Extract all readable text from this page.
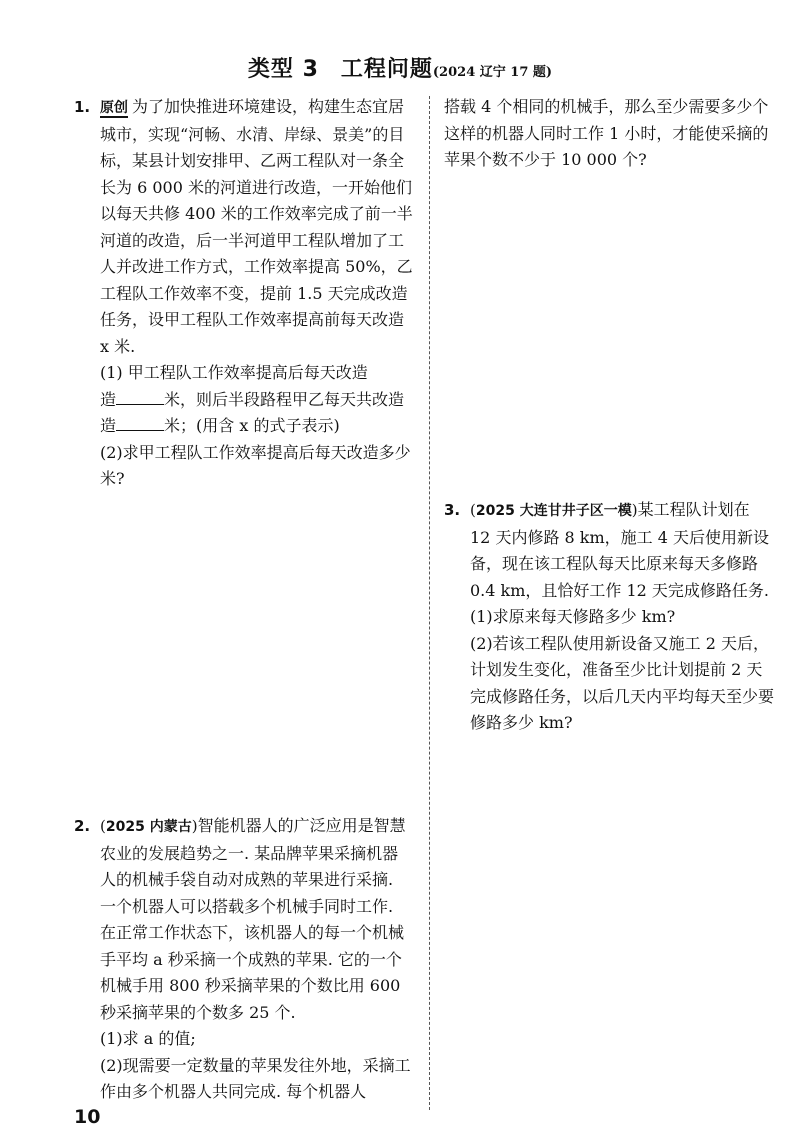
类型 3 工程问题(2024 辽宁 17 题)
1. 原创 为了加快推进环境建设，构建生态宜居城市，实现“河畅、水清、岸绿、景美”的目标，某县计划安排甲、乙两工程队对一条全长为 6 000 米的河道进行改造，一开始他们以每天共修 400 米的工作效率完成了前一半河道的改造，后一半河道甲工程队增加了工人并改进工作方式，工作效率提高 50%，乙工程队工作效率不变，提前 1.5 天完成改造任务，设甲工程队工作效率提高前每天改造 x 米.
(1) 甲工程队工作效率提高后每天改造
造	米，则后半段路程甲乙每天共改造
造	米；(用含 x 的式子表示)
(2)求甲工程队工作效率提高后每天改造多少米?
2. (2025 内蒙古)智能机器人的广泛应用是智慧农业的发展趋势之一. 某品牌苹果采摘机器人的机械手袋自动对成熟的苹果进行采摘. 一个机器人可以搭载多个机械手同时工作. 在正常工作状态下，该机器人的每一个机械手平均 a 秒采摘一个成熟的苹果. 它的一个机械手用 800 秒采摘苹果的个数比用 600 秒采摘苹果的个数多 25 个.
(1)求 a 的值;
(2)现需要一定数量的苹果发往外地，采摘工作由多个机器人共同完成. 每个机器人
搭载 4 个相同的机械手，那么至少需要多少个这样的机器人同时工作 1 小时，才能使采摘的苹果个数不少于 10 000 个?
3. (2025 大连甘井子区一模)某工程队计划在 12 天内修路 8 km，施工 4 天后使用新设备，现在该工程队每天比原来每天多修路 0.4 km，且恰好工作 12 天完成修路任务.
(1)求原来每天修路多少 km?
(2)若该工程队使用新设备又施工 2 天后，计划发生变化，准备至少比计划提前 2 天完成修路任务，以后几天内平均每天至少要修路多少 km?
10
